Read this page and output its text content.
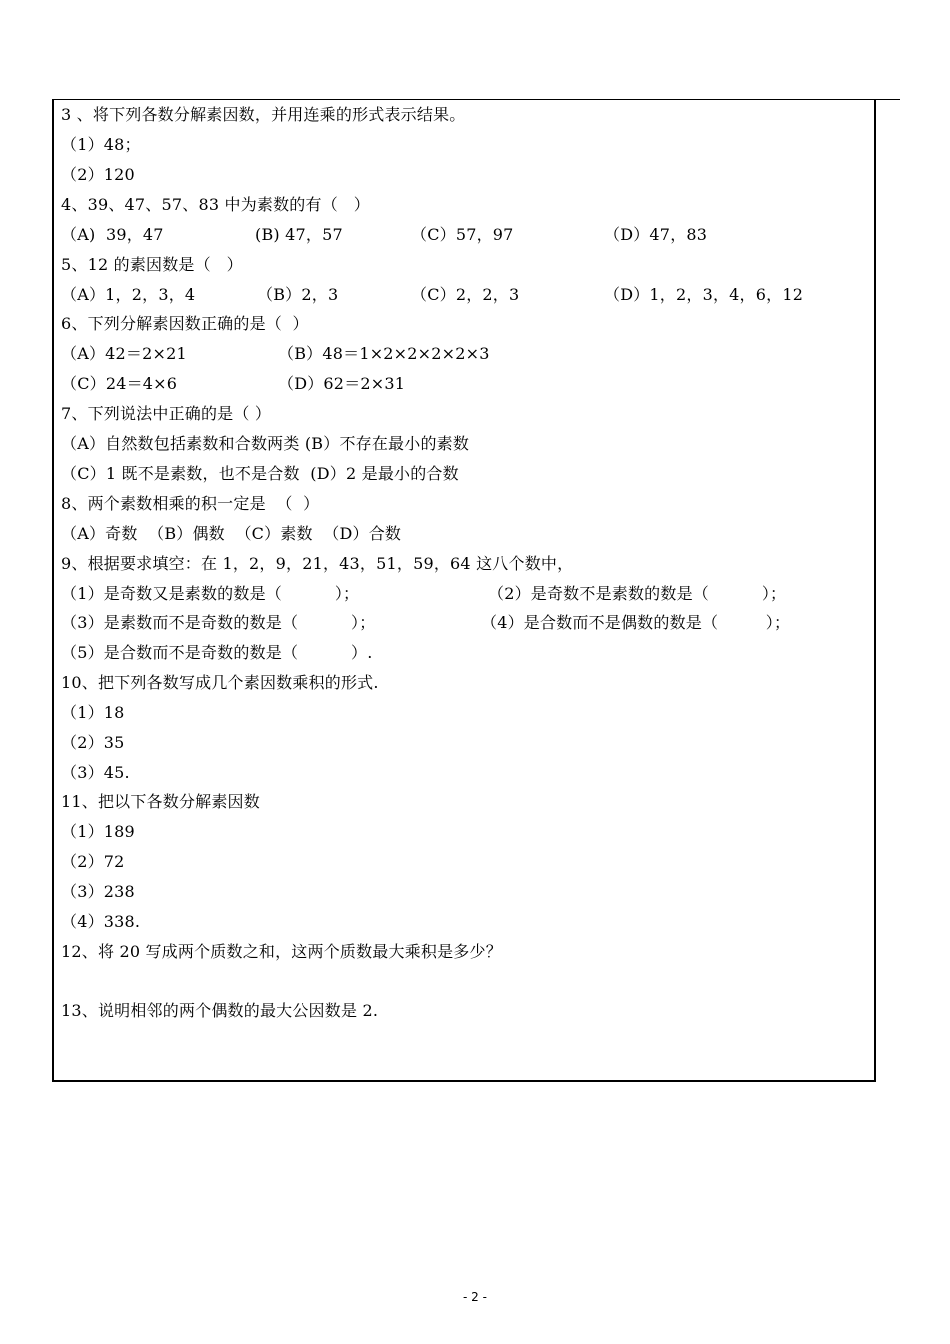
3 、将下列各数分解素因数，并用连乘的形式表示结果。
（1）48；
（2）120
4、39、47、57、83 中为素数的有（   ）

（A)  39，47

	(B) 47，57

	（C）57，97

	（D）47，83

5、12 的素因数是（   ）

（A）1，2，3，4

	（B）2，3

	（C）2，2，3

	（D）1，2，3，4，6，12

6、下列分解素因数正确的是（  ）

（A）42＝2×21

	（B）48＝1×2×2×2×2×3

（C）24＝4×6

	（D）62＝2×31

7、下列说法中正确的是（ ）
（A）自然数包括素数和合数两类 (B）不存在最小的素数
（C）1 既不是素数，也不是合数  (D）2 是最小的合数
8、两个素数相乘的积一定是  （  ）
（A）奇数  （B）偶数  （C）素数  （D）合数
9、根据要求填空：在 1，2，9，21，43，51，59，64 这八个数中，

（1）是奇数又是素数的数是（          ）；

	（2）是奇数不是素数的数是（          ）；

（3）是素数而不是奇数的数是（          ）；

	（4）是合数而不是偶数的数是（         ）；

（5）是合数而不是奇数的数是（          ）.
10、把下列各数写成几个素因数乘积的形式.
（1）18
（2）35
（3）45.
11、把以下各数分解素因数
（1）189
（2）72
（3）238
（4）338.
12、将 20 写成两个质数之和，这两个质数最大乘积是多少？
13、说明相邻的两个偶数的最大公因数是 2.
- 2 -
